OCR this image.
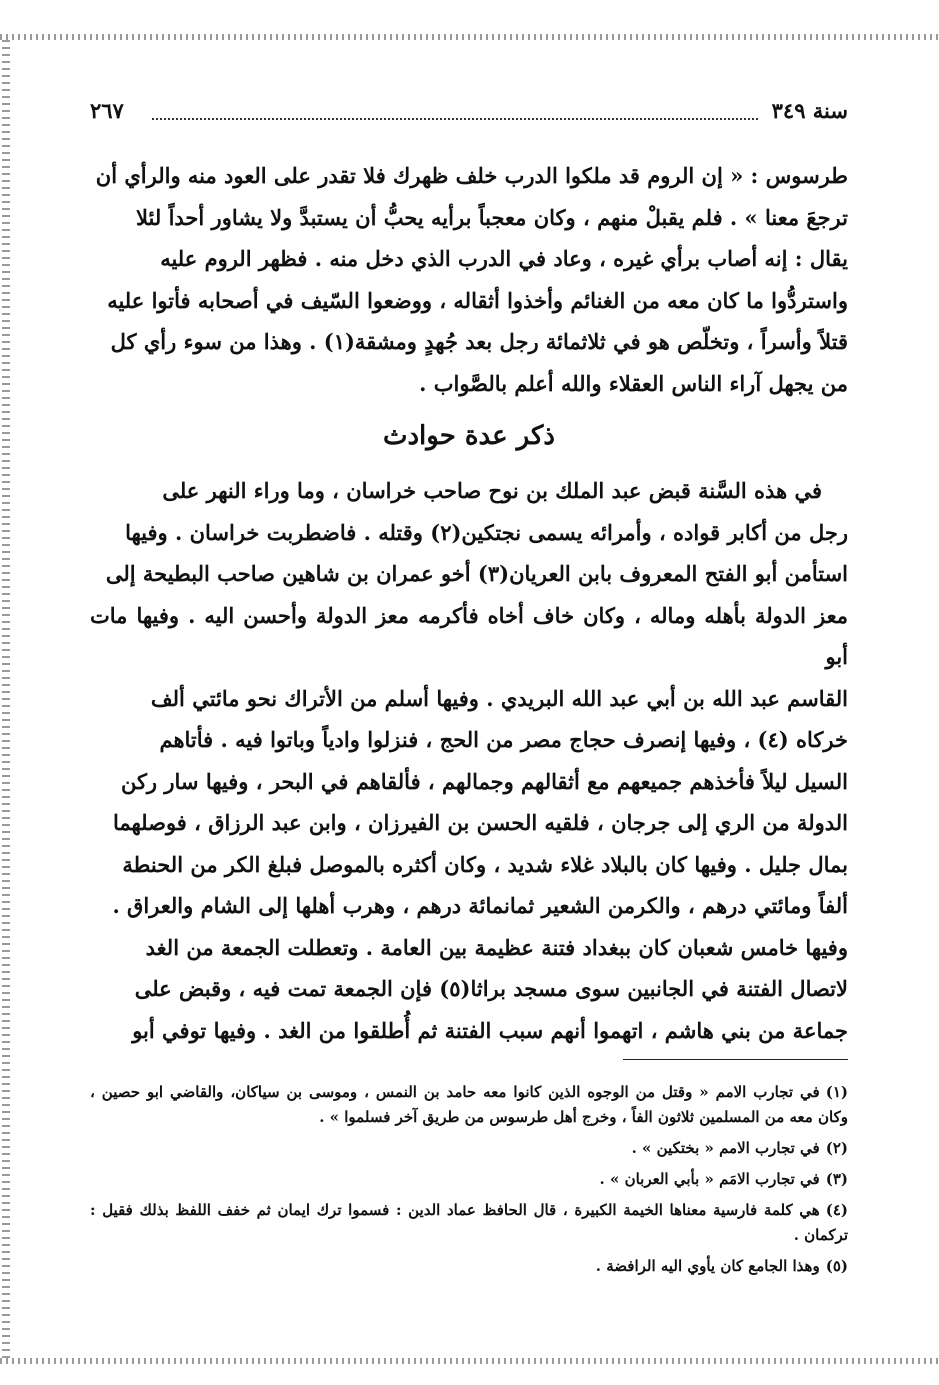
سنة ٣٤٩
٢٦٧
طرسوس : « إن الروم قد ملكوا الدرب خلف ظهرك فلا تقدر على العود منه والرأي أن
ترجعَ معنا » . فلم يقبلْ منهم ، وكان معجباً برأيه يحبُّ أن يستبدَّ ولا يشاور أحداً لئلا
يقال : إنه أصاب برأي غيره ، وعاد في الدرب الذي دخل منه . فظهر الروم عليه
واستردُّوا ما كان معه من الغنائم وأخذوا أثقاله ، ووضعوا السّيف في أصحابه فأتوا عليه
قتلاً وأسراً ، وتخلّص هو في ثلاثمائة رجل بعد جُهدٍ ومشقة(١) . وهذا من سوء رأي كل
من يجهل آراء الناس العقلاء والله أعلم بالصَّواب .
ذكر عدة حوادث
في هذه السَّنة قبض عبد الملك بن نوح صاحب خراسان ، وما وراء النهر على
رجل من أكابر قواده ، وأمرائه يسمى نجتكين(٢) وقتله . فاضطربت خراسان . وفيها
استأمن أبو الفتح المعروف بابن العريان(٣) أخو عمران بن شاهين صاحب البطيحة إلى
معز الدولة بأهله وماله ، وكان خاف أخاه فأكرمه معز الدولة وأحسن اليه . وفيها مات أبو
القاسم عبد الله بن أبي عبد الله البريدي . وفيها أسلم من الأتراك نحو مائتي ألف
خركاه (٤) ، وفيها إنصرف حجاج مصر من الحج ، فنزلوا وادياً وباتوا فيه . فأتاهم
السيل ليلاً فأخذهم جميعهم مع أثقالهم وجمالهم ، فألقاهم في البحر ، وفيها سار ركن
الدولة من الري إلى جرجان ، فلقيه الحسن بن الفيرزان ، وابن عبد الرزاق ، فوصلهما
بمال جليل . وفيها كان بالبلاد غلاء شديد ، وكان أكثره بالموصل فبلغ الكر من الحنطة
ألفاً ومائتي درهم ، والكرمن الشعير ثمانمائة درهم ، وهرب أهلها إلى الشام والعراق .
وفيها خامس شعبان كان ببغداد فتنة عظيمة بين العامة . وتعطلت الجمعة من الغد
لاتصال الفتنة في الجانبين سوى مسجد براثا(٥) فإن الجمعة تمت فيه ، وقبض على
جماعة من بني هاشم ، اتهموا أنهم سبب الفتنة ثم أُطلقوا من الغد . وفيها توفي أبو

(١)في تجارب الامم « وقتل من الوجوه الذين كانوا معه حامد بن النمس ، وموسى بن سياكان، والقاضي ابو حصين ، وكان معه من المسلمين ثلاثون الفاً ، وخرج أهل طرسوس من طريق آخر فسلموا » .

(٢)في تجارب الامم « بختكين » .

(٣)في تجارب الامَم « بأبي العربان » .

(٤)هي كلمة فارسية معناها الخيمة الكبيرة ، قال الحافظ عماد الدين : فسموا ترك ايمان ثم خفف اللفظ بذلك فقيل : تركمان .

(٥)وهذا الجامع كان يأوي اليه الرافضة .
